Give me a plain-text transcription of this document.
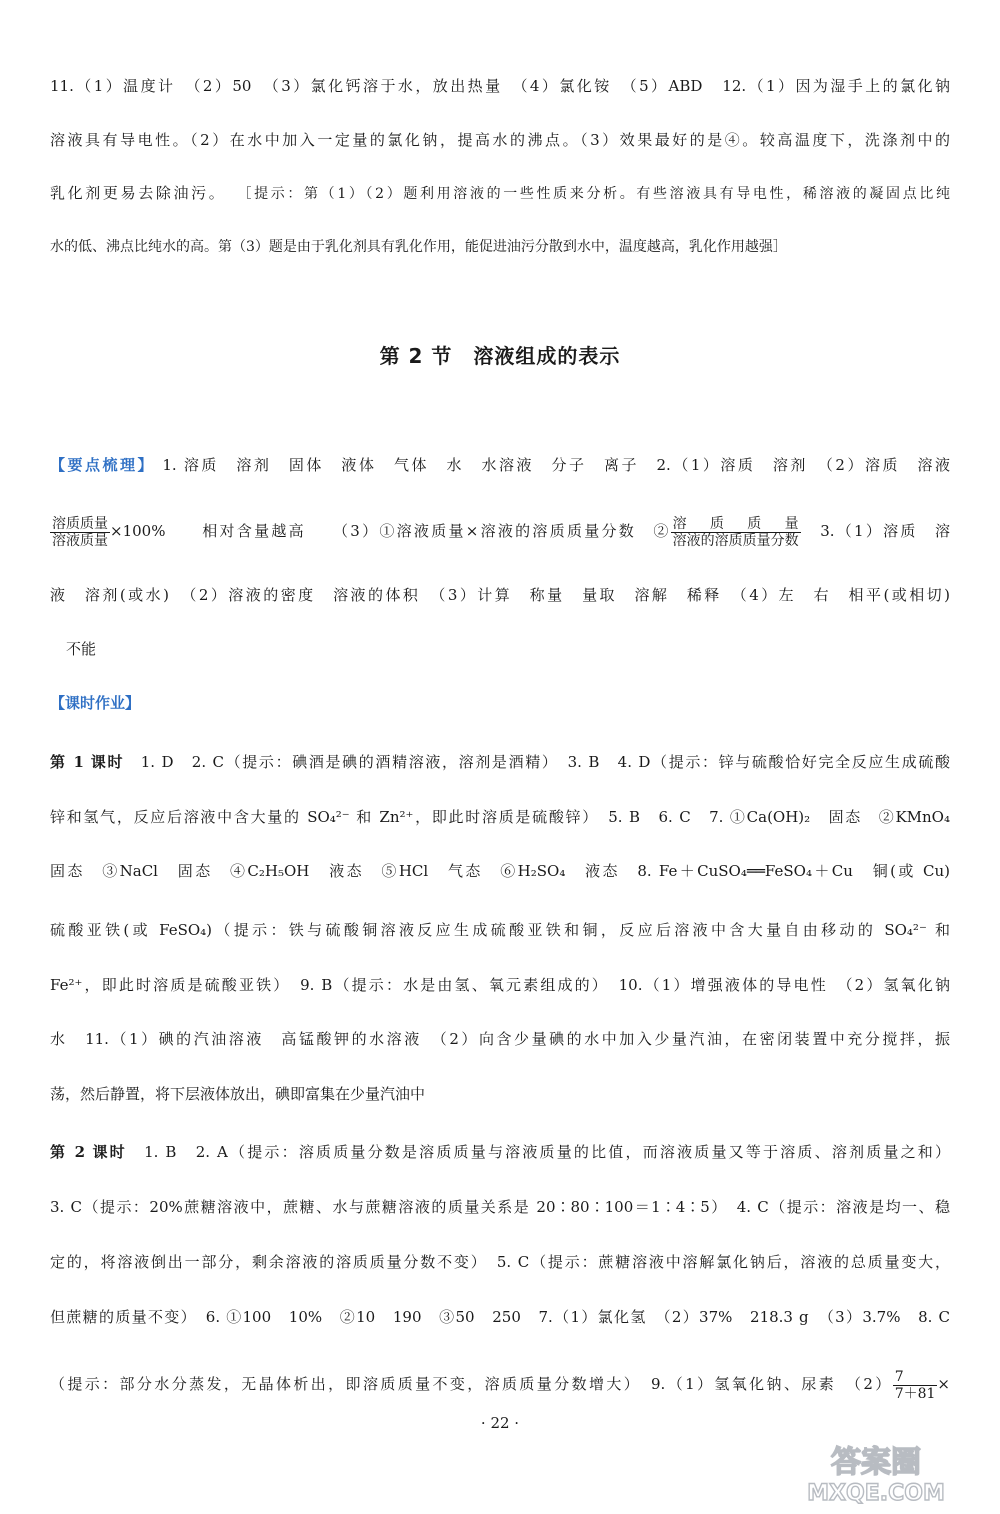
11.（1）温度计　（2）50　（3）氯化钙溶于水，放出热量　（4）氯化铵　（5）ABD　12.（1）因为湿手上的氯化钠
溶液具有导电性。（2）在水中加入一定量的氯化钠，提高水的沸点。（3）效果最好的是④。较高温度下，洗涤剂中的
乳化剂更易去除油污。 ［提示：第（1）（2）题利用溶液的一些性质来分析。有些溶液具有导电性，稀溶液的凝固点比纯
水的低、沸点比纯水的高。第（3）题是由于乳化剂具有乳化作用，能促进油污分散到水中，温度越高，乳化作用越强］
第 2 节　溶液组成的表示
【要点梳理】 1. 溶质　溶剂　固体　液体　气体　水　水溶液　分子　离子　2.（1）溶质　溶剂　（2）溶质　溶液
$\frac{\text{溶质质量}}{\text{溶液质量}} \times 100\%$　　相对含量越高　　（3）①溶液质量×溶液的溶质质量分数　② $\frac{\text{溶质质量}}{\text{溶液的溶质质量分数}}$ 　3.（1）溶质　溶
液　溶剂(或水)　（2）溶液的密度　溶液的体积　（3）计算　称量　量取　溶解　稀释　（4）左　右　相平(或相切)
不能
【课时作业】
第 1 课时　 1. D　2. C（提示：碘酒是碘的酒精溶液，溶剂是酒精）　3. B　4. D（提示：锌与硫酸恰好完全反应生成硫酸
锌和氢气，反应后溶液中含大量的 SO₄²⁻ 和 Zn²⁺，即此时溶质是硫酸锌）　5. B　6. C　7. ①Ca(OH)₂　固态　②KMnO₄
固态　③NaCl　固态　④C₂H₅OH　液态　⑤HCl　气态　⑥H₂SO₄　液态　8. Fe＋CuSO₄══FeSO₄＋Cu　铜(或 Cu)
硫酸亚铁(或 FeSO₄)（提示：铁与硫酸铜溶液反应生成硫酸亚铁和铜，反应后溶液中含大量自由移动的 SO₄²⁻ 和
Fe²⁺，即此时溶质是硫酸亚铁）　9. B（提示：水是由氢、氧元素组成的）　10.（1）增强液体的导电性　（2）氢氧化钠
水　11.（1）碘的汽油溶液　高锰酸钾的水溶液　（2）向含少量碘的水中加入少量汽油，在密闭装置中充分搅拌，振
荡，然后静置，将下层液体放出，碘即富集在少量汽油中
第 2 课时　 1. B　2. A（提示：溶质质量分数是溶质质量与溶液质量的比值，而溶液质量又等于溶质、溶剂质量之和）
3. C（提示：20%蔗糖溶液中，蔗糖、水与蔗糖溶液的质量关系是 20∶80∶100＝1∶4∶5）　4. C（提示：溶液是均一、稳
定的，将溶液倒出一部分，剩余溶液的溶质质量分数不变）　5. C（提示：蔗糖溶液中溶解氯化钠后，溶液的总质量变大，
但蔗糖的质量不变）　6. ①100　10%　②10　190　③50　250　7.（1）氯化氢　（2）37%　218.3 g　（3）3.7%　8. C
（提示：部分水分蒸发，无晶体析出，即溶质质量不变，溶质质量分数增大）　9.（1）氢氧化钠、尿素　$(2) \frac{7}{7+81}$ ×
· 22 ·
答案圈
MXQE.COM
